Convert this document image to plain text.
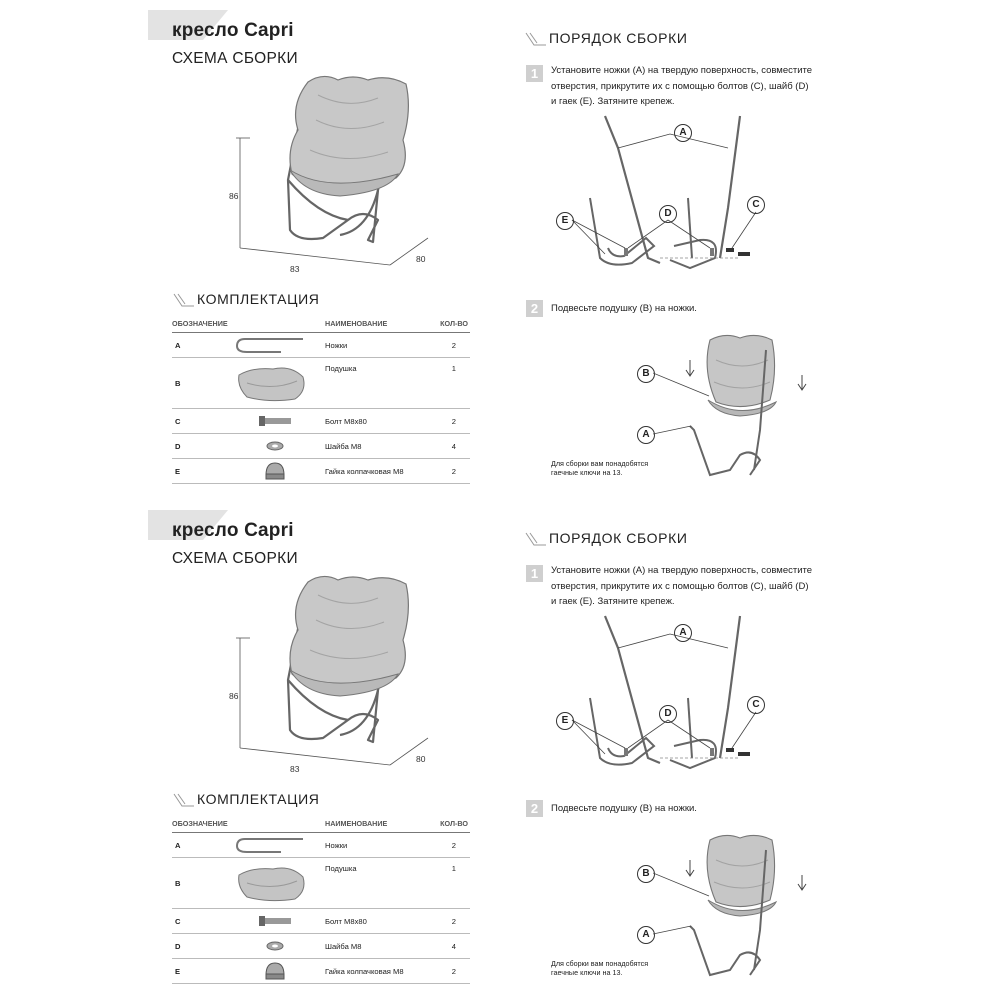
кресло Capri
СХЕМА СБОРКИ
86
83
80
КОМПЛЕКТАЦИЯ
ОБОЗНАЧЕНИЕ		НАИМЕНОВАНИЕ	КОЛ-ВО
A		Ножки	2
B		Подушка	1
C		Болт М8х80	2
D		Шайба М8	4
E		Гайка колпачковая М8	2
ПОРЯДОК СБОРКИ
1	Установите ножки (А) на твердую поверхность, совместите
отверстия, прикрутите их с помощью болтов (С), шайб (D)
и гаек (Е). Затяните крепеж.
A
E
D
C
2	Подвесьте подушку (В) на ножки.
B
A
Для сборки вам понадобятся
гаечные ключи на 13.
кресло Capri
СХЕМА СБОРКИ
86
83
80
КОМПЛЕКТАЦИЯ
ОБОЗНАЧЕНИЕ		НАИМЕНОВАНИЕ	КОЛ-ВО
A		Ножки	2
B		Подушка	1
C		Болт М8х80	2
D		Шайба М8	4
E		Гайка колпачковая М8	2
ПОРЯДОК СБОРКИ
1	Установите ножки (А) на твердую поверхность, совместите
отверстия, прикрутите их с помощью болтов (С), шайб (D)
и гаек (Е). Затяните крепеж.
A
E
D
C
2	Подвесьте подушку (В) на ножки.
B
A
Для сборки вам понадобятся
гаечные ключи на 13.
